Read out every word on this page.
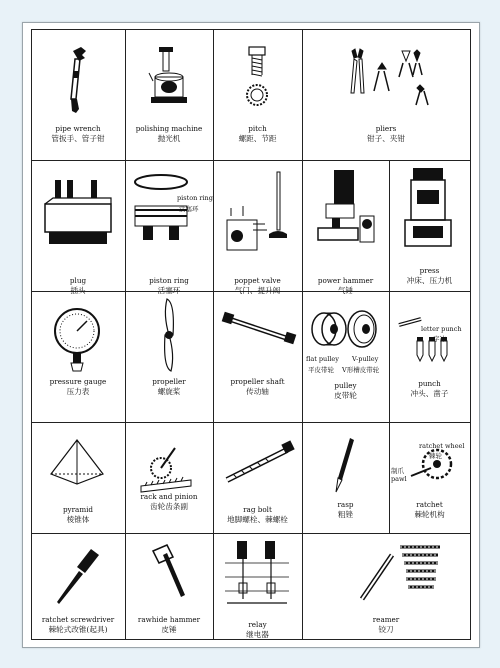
pipe wrench
管扳手、管子钳
polishing machine
抛光机
pitch
螺距、节距
pliers
钳子、夹钳
plug
插头
piston ring
活塞环
piston ring
活塞环
poppet valve
气门、提升阀
power hammer
气锤
press
冲床、压力机
pressure gauge
压力表
propeller
螺旋桨
propeller shaft
传动轴
flat pulley V-pulley
平皮带轮 V形槽皮带轮
pulley
皮带轮
letter punch
字冲
punch
冲头、凿子
pyramid
棱锥体
rack and pinion
齿轮齿条副	rag bolt
地脚螺栓、棘螺栓
rasp
粗锉
ratchet wheel
棘轮
制爪
pawl
ratchet
棘轮机构
ratchet screwdriver
棘轮式改锥(起具)
rawhide hammer
皮锤
relay
继电器
reamer
铰刀
